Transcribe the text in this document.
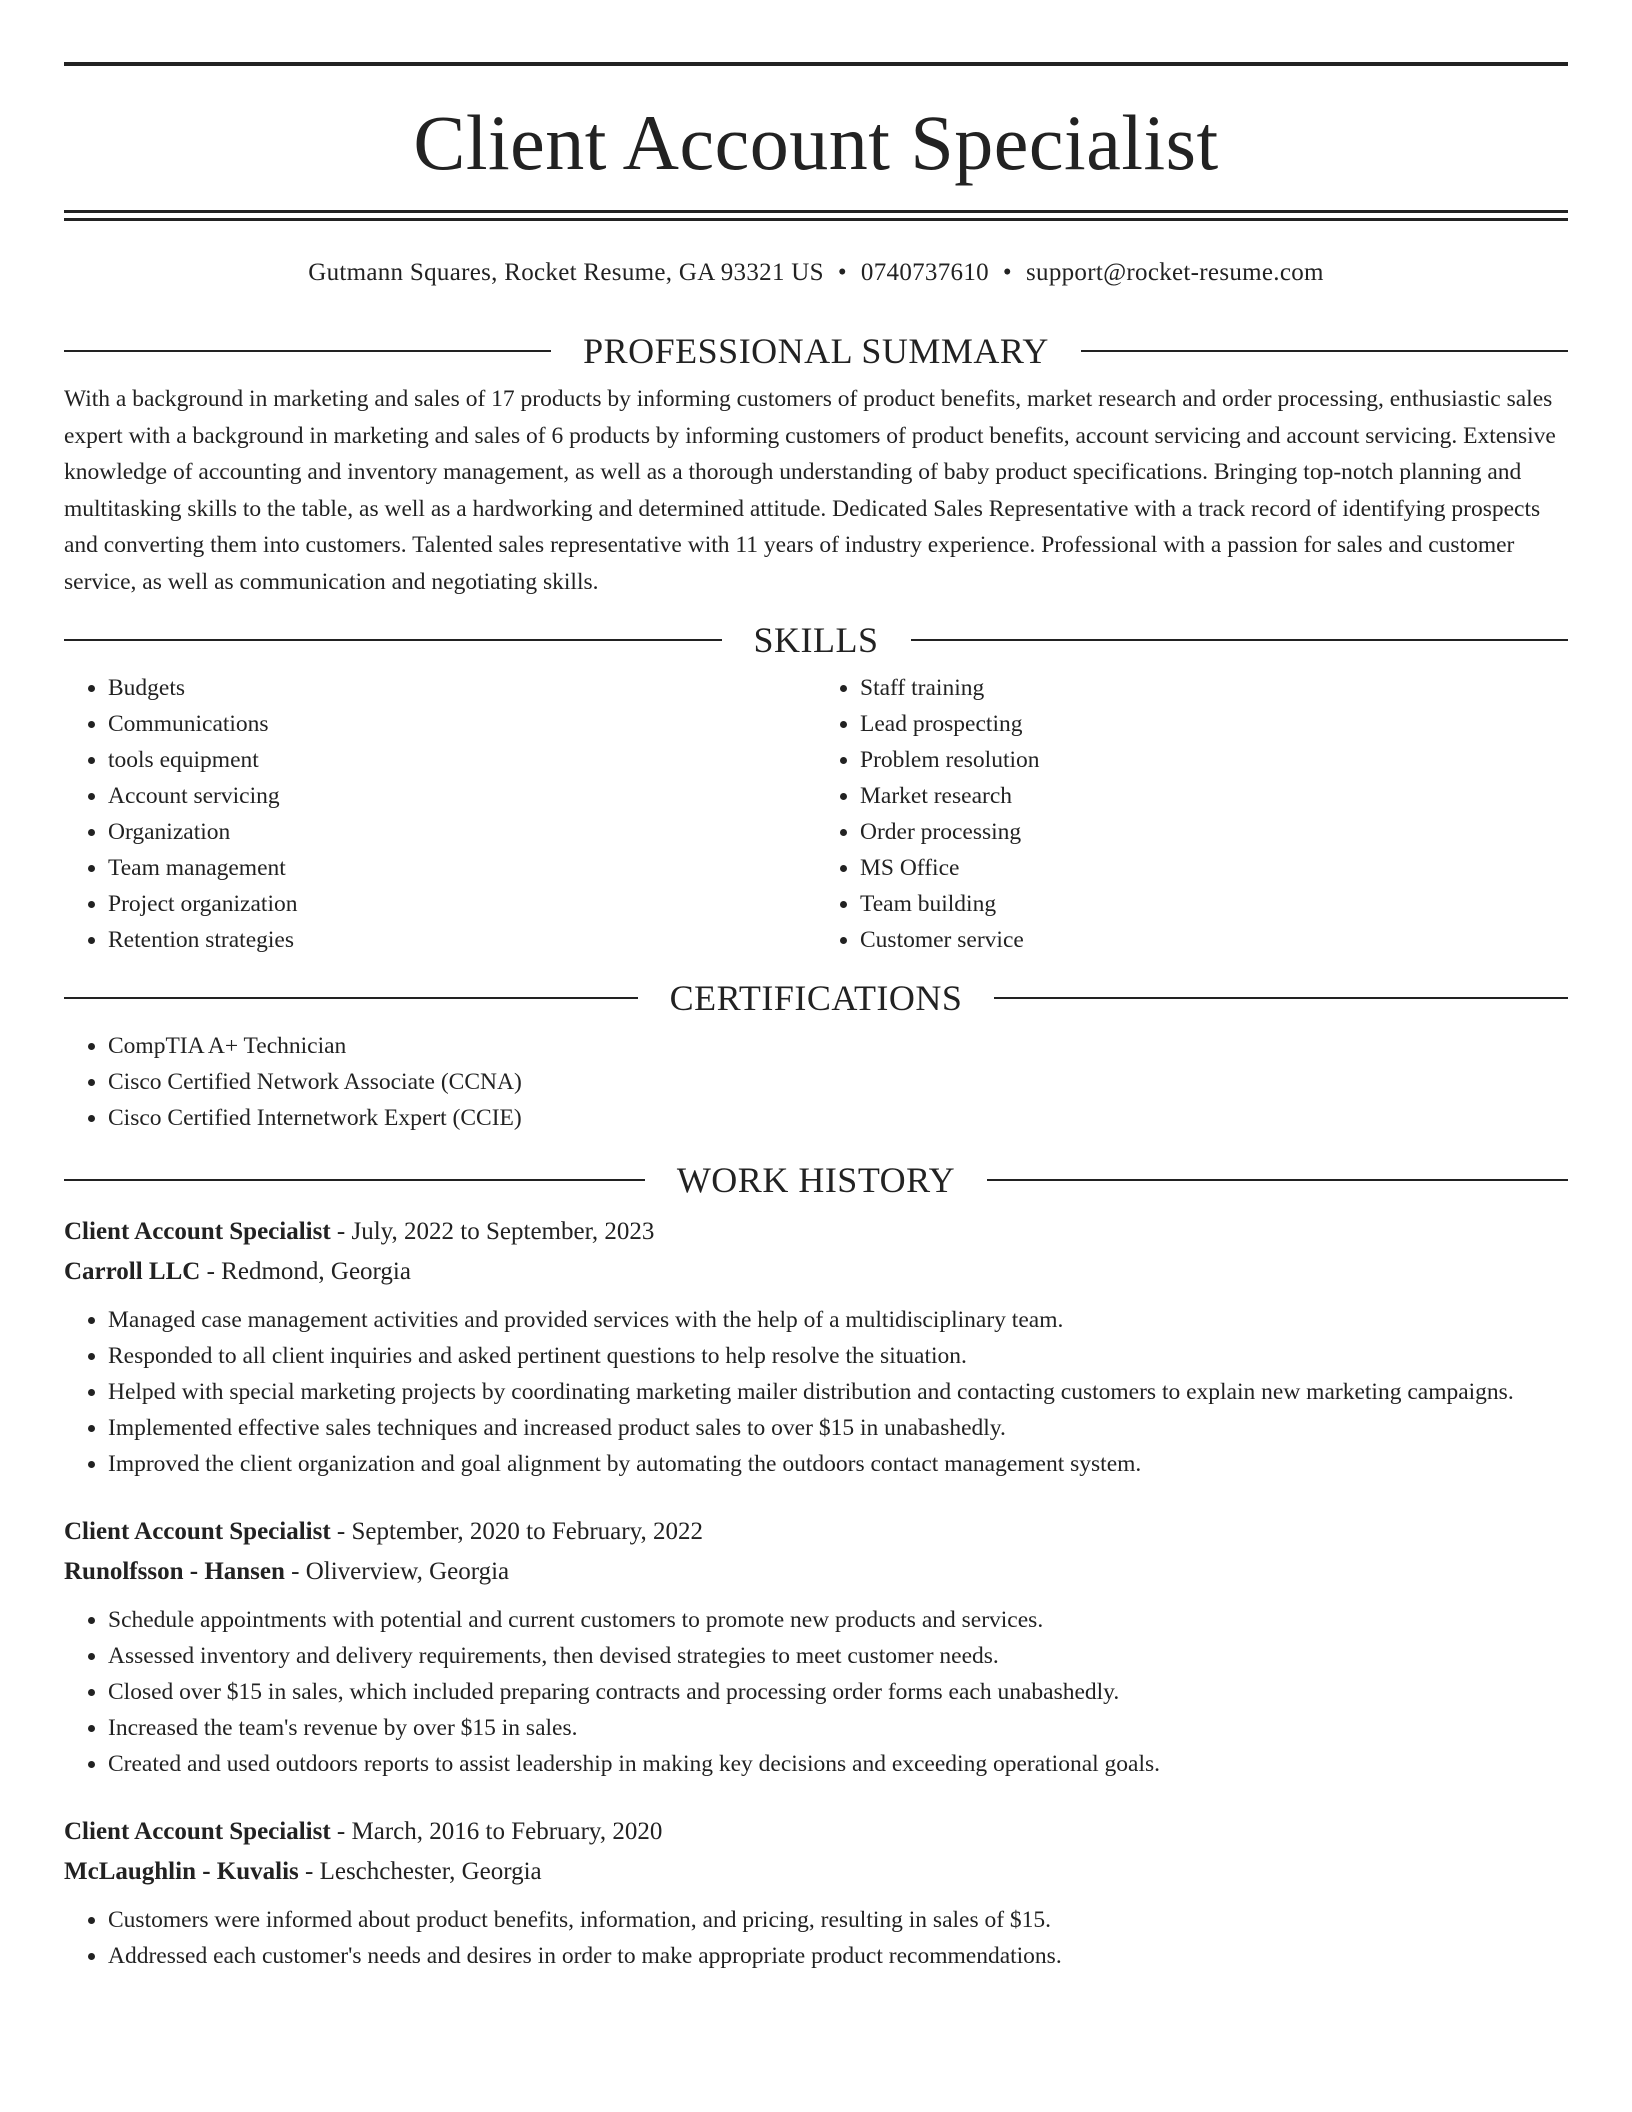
Client Account Specialist
Gutmann Squares, Rocket Resume, GA 93321 US • 0740737610 • support@rocket-resume.com
PROFESSIONAL SUMMARY

With a background in marketing and sales of 17 products by informing customers of product benefits, market research and order processing, enthusiastic sales expert with a background in marketing and sales of 6 products by informing customers of product benefits, account servicing and account servicing. Extensive knowledge of accounting and inventory management, as well as a thorough understanding of baby product specifications. Bringing top-notch planning and multitasking skills to the table, as well as a hardworking and determined attitude. Dedicated Sales Representative with a track record of identifying prospects and converting them into customers. Talented sales representative with 11 years of industry experience. Professional with a passion for sales and customer service, as well as communication and negotiating skills.

SKILLS
• Budgets
• Communications
• tools equipment
• Account servicing
• Organization
• Team management
• Project organization
• Retention strategies
• Staff training
• Lead prospecting
• Problem resolution
• Market research
• Order processing
• MS Office
• Team building
• Customer service
CERTIFICATIONS
• CompTIA A+ Technician
• Cisco Certified Network Associate (CCNA)
• Cisco Certified Internetwork Expert (CCIE)
WORK HISTORY
Client Account Specialist - July, 2022 to September, 2023
Carroll LLC - Redmond, Georgia
• Managed case management activities and provided services with the help of a multidisciplinary team.
• Responded to all client inquiries and asked pertinent questions to help resolve the situation.
• Helped with special marketing projects by coordinating marketing mailer distribution and contacting customers to explain new marketing campaigns.
• Implemented effective sales techniques and increased product sales to over $15 in unabashedly.
• Improved the client organization and goal alignment by automating the outdoors contact management system.
Client Account Specialist - September, 2020 to February, 2022
Runolfsson - Hansen - Oliverview, Georgia
• Schedule appointments with potential and current customers to promote new products and services.
• Assessed inventory and delivery requirements, then devised strategies to meet customer needs.
• Closed over $15 in sales, which included preparing contracts and processing order forms each unabashedly.
• Increased the team's revenue by over $15 in sales.
• Created and used outdoors reports to assist leadership in making key decisions and exceeding operational goals.
Client Account Specialist - March, 2016 to February, 2020
McLaughlin - Kuvalis - Leschchester, Georgia
• Customers were informed about product benefits, information, and pricing, resulting in sales of $15.
• Addressed each customer's needs and desires in order to make appropriate product recommendations.
